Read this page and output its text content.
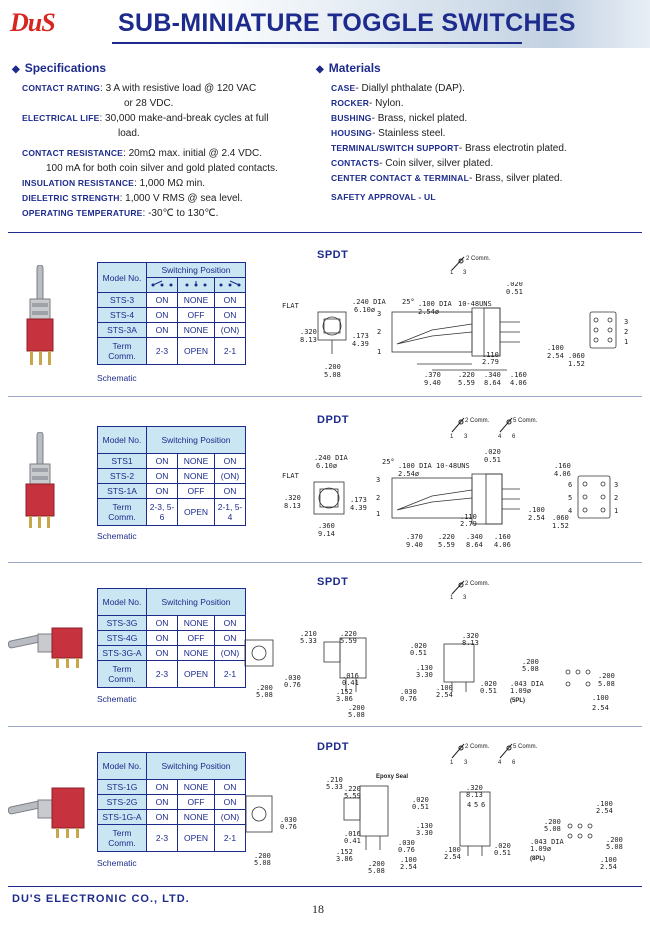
DuS	SUB-MINIATURE TOGGLE SWITCHES
◆ Specifications
CONTACT RATING: 3 A with resistive load @ 120 VAC
or 28 VDC.
ELECTRICAL LIFE: 30,000 make-and-break cycles at full
load.
CONTACT RESISTANCE: 20mΩ max. initial @ 2.4 VDC.
100 mA for both coin silver and gold plated contacts.
INSULATION RESISTANCE: 1,000 MΩ min.
DIELETRIC STRENGTH: 1,000 V RMS @ sea level.
OPERATING TEMPERATURE: -30℃ to 130℃.
◆ Materials
CASE- Diallyl phthalate (DAP).
ROCKER- Nylon.
BUSHING- Brass, nickel plated.
HOUSING- Stainless steel.
TERMINAL/SWITCH SUPPORT- Brass electrotin plated.
CONTACTS- Coin silver, silver plated.
CENTER CONTACT & TERMINAL- Brass, silver plated.
SAFETY APPROVAL - UL
Model No.	Switching Position		

STS-3	ON	NONE	ON
STS-4	ON	OFF	ON
STS-3A	ON	NONE	(ON)
Term Comm.	2-3	OPEN	2-1
Schematic
SPDT	2 Comm.
1 3
FLAT	.240 DIA
6.10ø
25° .100 DIA
2.54ø
10-48UNS
.320
8.13	.173
4.39
.200
5.08
3
2
1	.110
2.79
.370
9.40
.220
5.59
.340
8.64
.160
4.06
.020
0.51
.100
2.54 .060
1.52
3
2
1
Model No.	Switching Position		
STS1	ON	NONE	ON
STS-2	ON	NONE	(ON)
STS-1A	ON	OFF	ON
Term Comm.	2-3, 5-6	OPEN	2-1, 5-4
Schematic
DPDT	2 Comm.	5 Comm.
1 3	4 6
FLAT
.240 DIA
6.10ø	25° .100 DIA
2.54ø
10-48UNS
.320
8.13
.173
4.39
.360
9.14
3
2
1	.110
2.79
.370
9.40
.220
5.59
.340
8.64
.160
4.06
.020
0.51
.100
2.54 .060
1.52
.160
4.06
6
5
4
3
2
1
Model No.	Switching Position		
STS-3G	ON	NONE	ON
STS-4G	ON	OFF	ON
STS-3G-A	ON	NONE	(ON)
Term Comm.	2-3	OPEN	2-1
Schematic
SPDT	2 Comm.
1 3
.210
5.33
.220
5.59
.020
0.51
.130
3.30
.016
0.41
.152
3.86
.030
0.76
.030
0.76
.200
5.08
.200
5.08
.320
8.13
.100
2.54
.020
0.51
.043 DIA
1.09ø
(5PL)
.200
5.08
.200
5.08
.100
2.54
Model No.	Switching Position		
STS-1G	ON	NONE	ON
STS-2G	ON	OFF	ON
STS-1G-A	ON	NONE	(ON)
Term Comm.	2-3	OPEN	2-1
Schematic
DPDT	2 Comm.	5 Comm.
1 3	4 6
Epoxy Seal
.210
5.33 .220
5.59	.020
0.51
.130
3.30
.016
0.41
.152
3.86
.030
0.76
.030
0.76
.200
5.08	.200
5.08
.100
2.54
.320
8.13
4 5 6
.100
2.54
.020
0.51
.043 DIA
1.09ø
(8PL)
.200
5.08
.100
2.54
.200
5.08
.100
2.54
DU'S ELECTRONIC CO., LTD.
18
